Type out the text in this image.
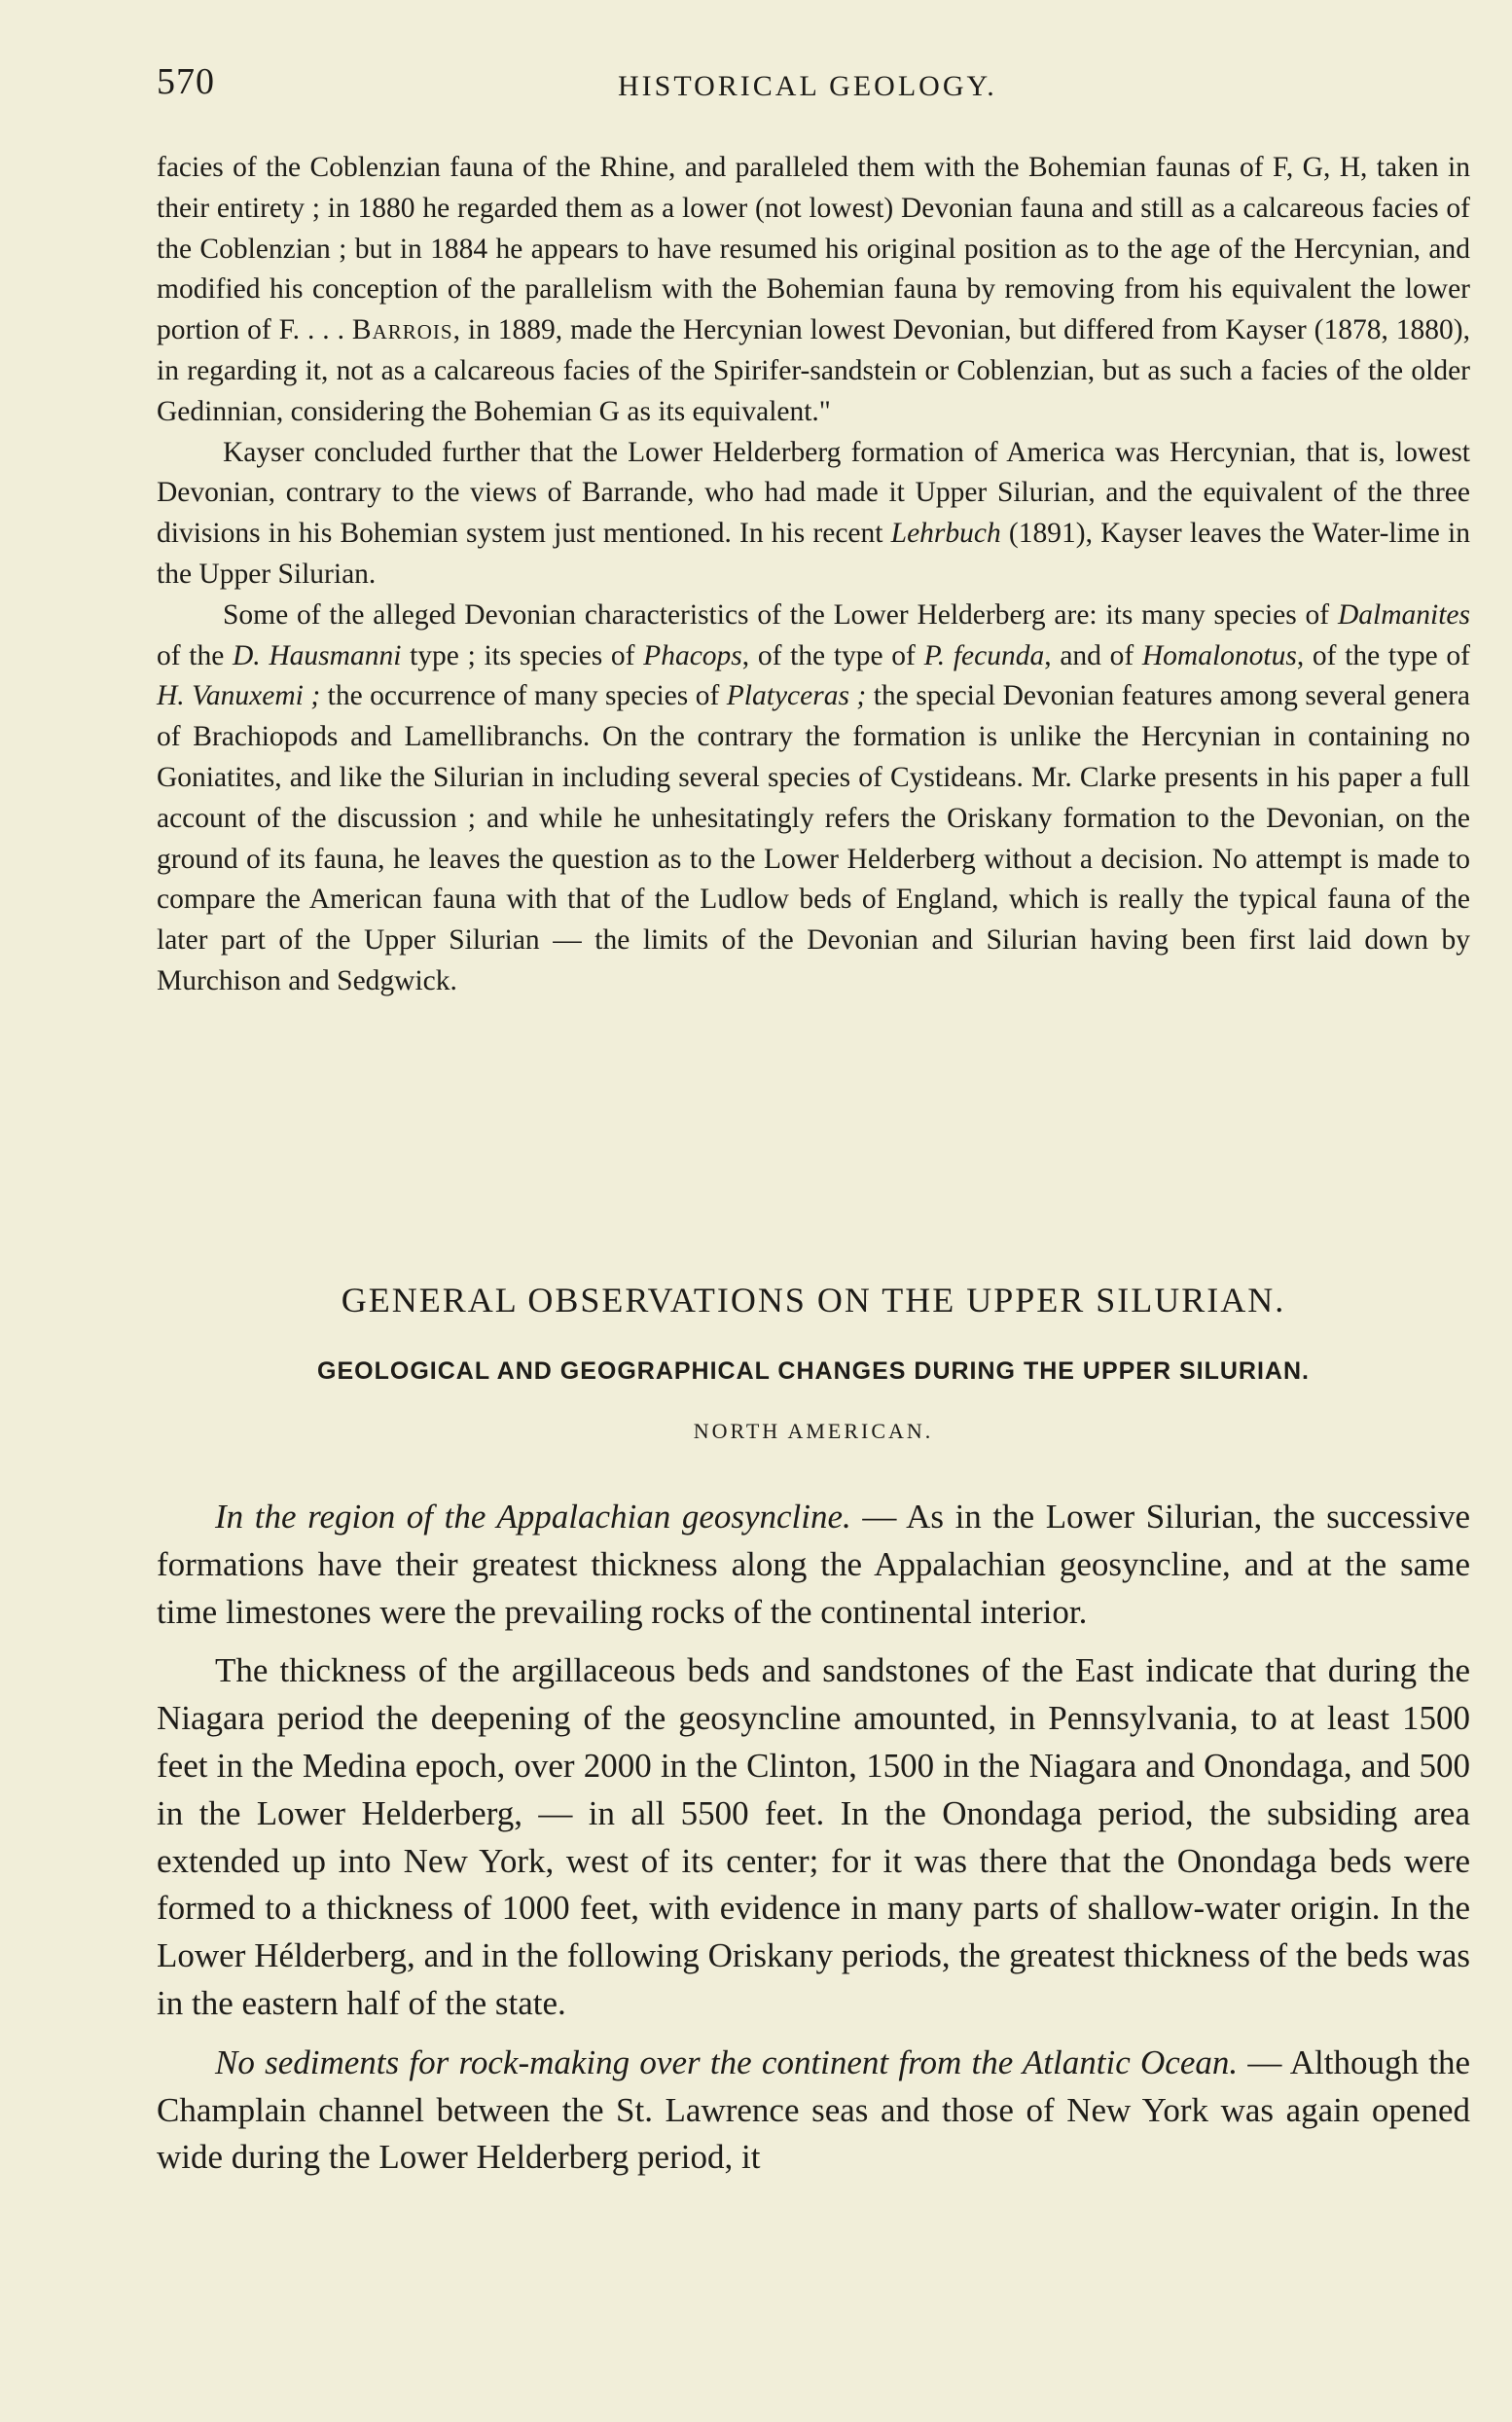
570	HISTORICAL GEOLOGY.

facies of the Coblenzian fauna of the Rhine, and paralleled them with the Bohemian faunas of F, G, H, taken in their entirety ; in 1880 he regarded them as a lower (not lowest) Devonian fauna and still as a calcareous facies of the Coblenzian ; but in 1884 he appears to have resumed his original position as to the age of the Hercynian, and modified his conception of the parallelism with the Bohemian fauna by removing from his equivalent the lower portion of F. . . . Barrois, in 1889, made the Hercynian lowest Devonian, but differed from Kayser (1878, 1880), in regarding it, not as a calcareous facies of the Spirifer-sandstein or Coblenzian, but as such a facies of the older Gedinnian, considering the Bohemian G as its equivalent."

Kayser concluded further that the Lower Helderberg formation of America was Hercynian, that is, lowest Devonian, contrary to the views of Barrande, who had made it Upper Silurian, and the equivalent of the three divisions in his Bohemian system just mentioned. In his recent Lehrbuch (1891), Kayser leaves the Water-lime in the Upper Silurian.

Some of the alleged Devonian characteristics of the Lower Helderberg are: its many species of Dalmanites of the D. Hausmanni type ; its species of Phacops, of the type of P. fecunda, and of Homalonotus, of the type of H. Vanuxemi ; the occurrence of many species of Platyceras ; the special Devonian features among several genera of Brachiopods and Lamellibranchs. On the contrary the formation is unlike the Hercynian in containing no Goniatites, and like the Silurian in including several species of Cystideans. Mr. Clarke presents in his paper a full account of the discussion ; and while he unhesitatingly refers the Oriskany formation to the Devonian, on the ground of its fauna, he leaves the question as to the Lower Helderberg without a decision. No attempt is made to compare the American fauna with that of the Ludlow beds of England, which is really the typical fauna of the later part of the Upper Silurian — the limits of the Devonian and Silurian having been first laid down by Murchison and Sedgwick.

GENERAL OBSERVATIONS ON THE UPPER SILURIAN.

GEOLOGICAL AND GEOGRAPHICAL CHANGES DURING THE UPPER SILURIAN.

NORTH AMERICAN.

In the region of the Appalachian geosyncline. — As in the Lower Silurian, the successive formations have their greatest thickness along the Appalachian geosyncline, and at the same time limestones were the prevailing rocks of the continental interior.

The thickness of the argillaceous beds and sandstones of the East indicate that during the Niagara period the deepening of the geosyncline amounted, in Pennsylvania, to at least 1500 feet in the Medina epoch, over 2000 in the Clinton, 1500 in the Niagara and Onondaga, and 500 in the Lower Helderberg, — in all 5500 feet. In the Onondaga period, the subsiding area extended up into New York, west of its center; for it was there that the Onondaga beds were formed to a thickness of 1000 feet, with evidence in many parts of shallow-water origin. In the Lower Hélderberg, and in the following Oriskany periods, the greatest thickness of the beds was in the eastern half of the state.

No sediments for rock-making over the continent from the Atlantic Ocean. — Although the Champlain channel between the St. Lawrence seas and those of New York was again opened wide during the Lower Helderberg period, it
